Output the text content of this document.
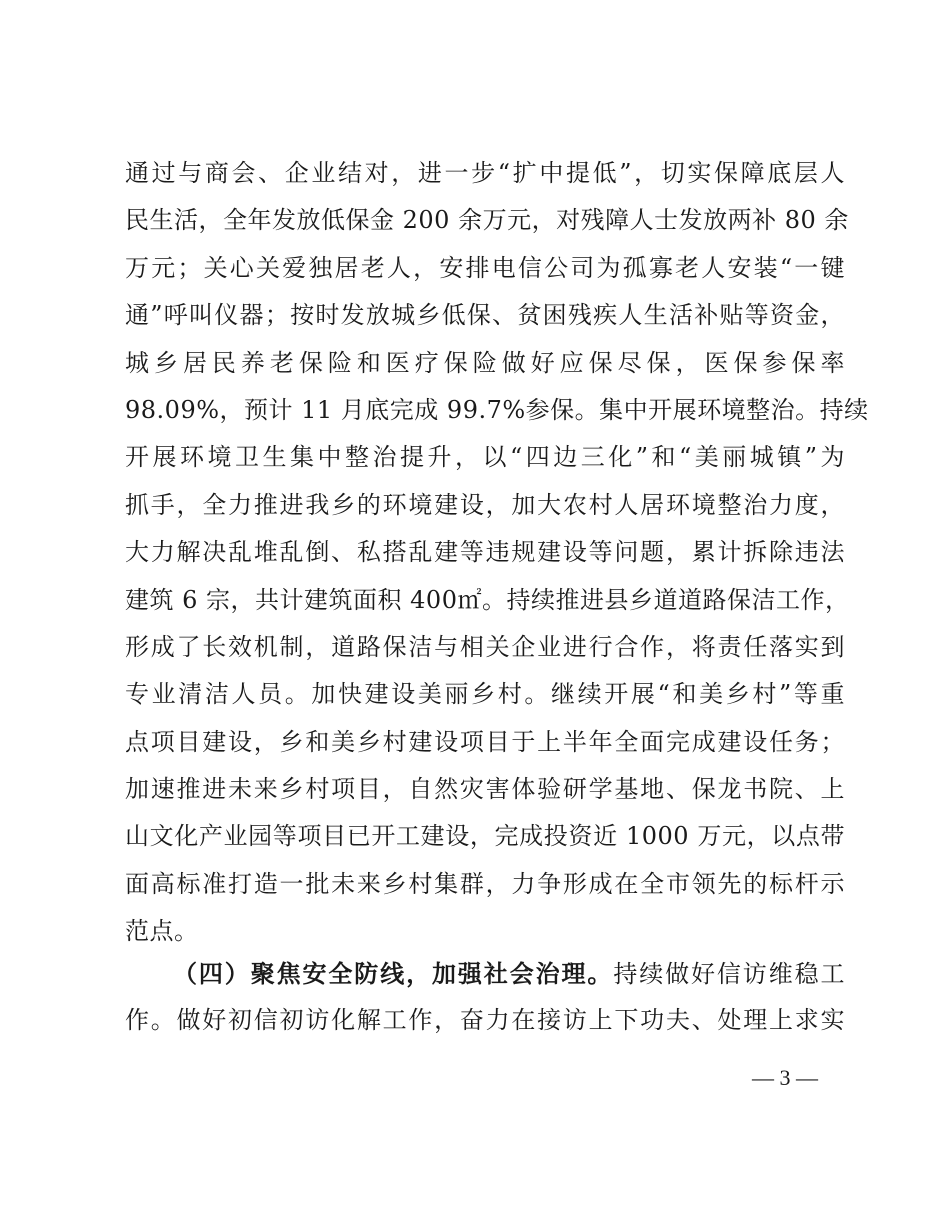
通过与商会、企业结对，进一步“扩中提低”，切实保障底层人
民生活，全年发放低保金 200 余万元，对残障人士发放两补 80 余
万元；关心关爱独居老人，安排电信公司为孤寡老人安装“一键
通”呼叫仪器；按时发放城乡低保、贫困残疾人生活补贴等资金，
城乡居民养老保险和医疗保险做好应保尽保，医保参保率
98.09%，预计 11 月底完成 99.7%参保。集中开展环境整治。持续
开展环境卫生集中整治提升，以“四边三化”和“美丽城镇”为
抓手，全力推进我乡的环境建设，加大农村人居环境整治力度，
大力解决乱堆乱倒、私搭乱建等违规建设等问题，累计拆除违法
建筑 6 宗，共计建筑面积 400㎡。持续推进县乡道道路保洁工作，
形成了长效机制，道路保洁与相关企业进行合作，将责任落实到
专业清洁人员。加快建设美丽乡村。继续开展“和美乡村”等重
点项目建设，乡和美乡村建设项目于上半年全面完成建设任务；
加速推进未来乡村项目，自然灾害体验研学基地、保龙书院、上
山文化产业园等项目已开工建设，完成投资近 1000 万元，以点带
面高标准打造一批未来乡村集群，力争形成在全市领先的标杆示
范点。
（四）聚焦安全防线，加强社会治理。持续做好信访维稳工
作。做好初信初访化解工作，奋力在接访上下功夫、处理上求实
— 3 —
